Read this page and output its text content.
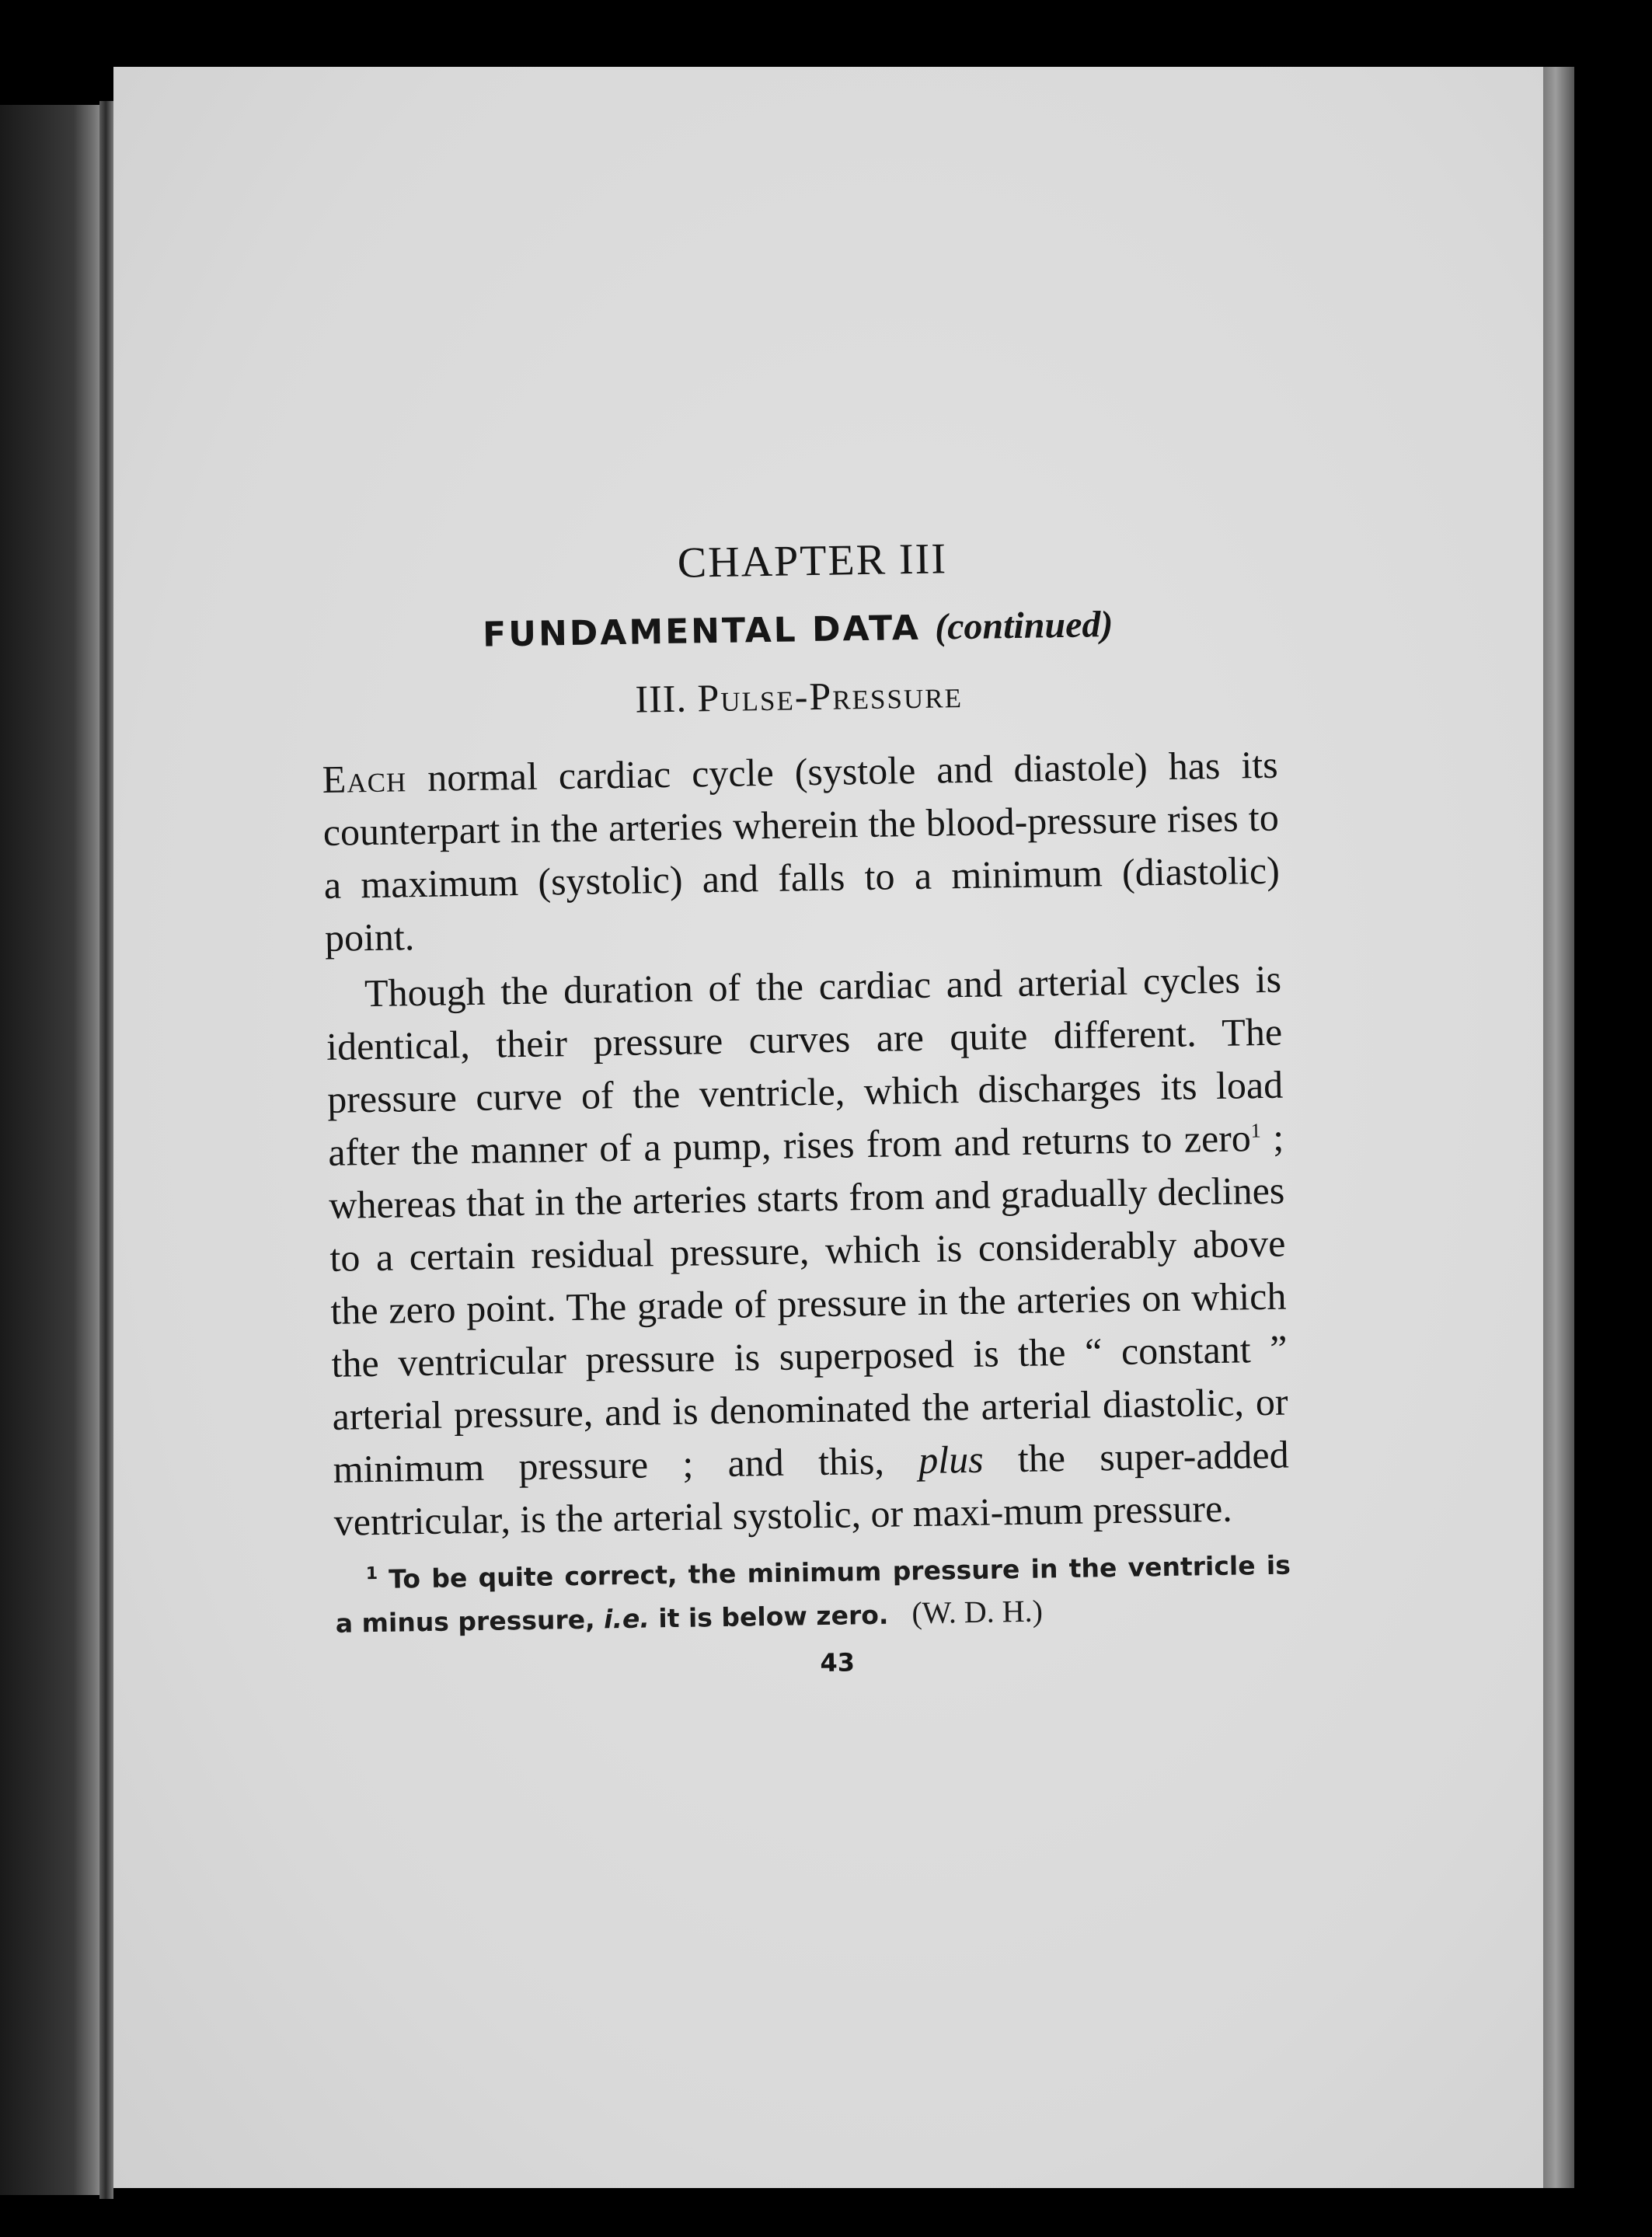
CHAPTER III
FUNDAMENTAL DATA (continued)
III. Pulse-Pressure

Each normal cardiac cycle (systole and diastole) has its counterpart in the arteries wherein the blood-pressure rises to a maximum (systolic) and falls to a minimum (diastolic) point.

Though the duration of the cardiac and arterial cycles is identical, their pressure curves are quite different. The pressure curve of the ventricle, which discharges its load after the manner of a pump, rises from and returns to zero$^1$ ; whereas that in the arteries starts from and gradually declines to a certain residual pressure, which is considerably above the zero point. The grade of pressure in the arteries on which the ventricular pressure is superposed is the “ constant ” arterial pressure, and is denominated the arterial diastolic, or minimum pressure ; and this, plus the super-added ventricular, is the arterial systolic, or maxi-mum pressure.

$^1$ To be quite correct, the minimum pressure in the ventricle is a minus pressure, i.e. it is below zero. (W. D. H.)
43
